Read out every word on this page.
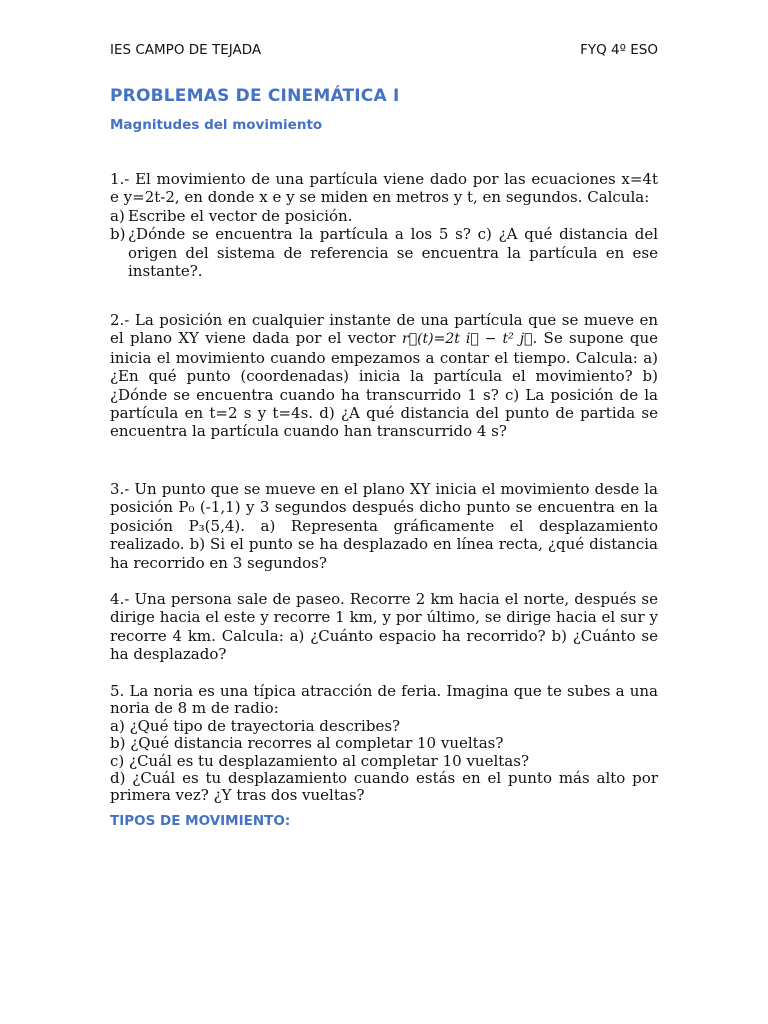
IES CAMPO DE TEJADA	FYQ 4º ESO
PROBLEMAS DE CINEMÁTICA I
Magnitudes del movimiento

1.- El movimiento de una partícula viene dado por las ecuaciones x=4t e y=2t-2, en donde x e y se miden en metros y t, en segundos. Calcula:

a) Escribe el vector de posición.
b) ¿Dónde se encuentra la partícula a los 5 s? c) ¿A qué distancia del origen del sistema de referencia se encuentra la partícula en ese instante?.

2.- La posición en cualquier instante de una partícula que se mueve en el plano XY viene dada por el vector r⃗(t)=2t i⃗ − t² j⃗. Se supone que inicia el movimiento cuando empezamos a contar el tiempo. Calcula: a) ¿En qué punto (coordenadas) inicia la partícula el movimiento? b) ¿Dónde se encuentra cuando ha transcurrido 1 s? c) La posición de la partícula en t=2 s y t=4s. d) ¿A qué distancia del punto de partida se encuentra la partícula cuando han transcurrido 4 s?

3.- Un punto que se mueve en el plano XY inicia el movimiento desde la posición P₀ (-1,1) y 3 segundos después dicho punto se encuentra en la posición P₃(5,4). a) Representa gráficamente el desplazamiento realizado. b) Si el punto se ha desplazado en línea recta, ¿qué distancia ha recorrido en 3 segundos?

4.- Una persona sale de paseo. Recorre 2 km hacia el norte, después se dirige hacia el este y recorre 1 km, y por último, se dirige hacia el sur y recorre 4 km. Calcula: a) ¿Cuánto espacio ha recorrido? b) ¿Cuánto se ha desplazado?

5. La noria es una típica atracción de feria. Imagina que te subes a una noria de 8 m de radio:

a) ¿Qué tipo de trayectoria describes?

b) ¿Qué distancia recorres al completar 10 vueltas?

c) ¿Cuál es tu desplazamiento al completar 10 vueltas?

d) ¿Cuál es tu desplazamiento cuando estás en el punto más alto por primera vez? ¿Y tras dos vueltas?

TIPOS DE MOVIMIENTO:
